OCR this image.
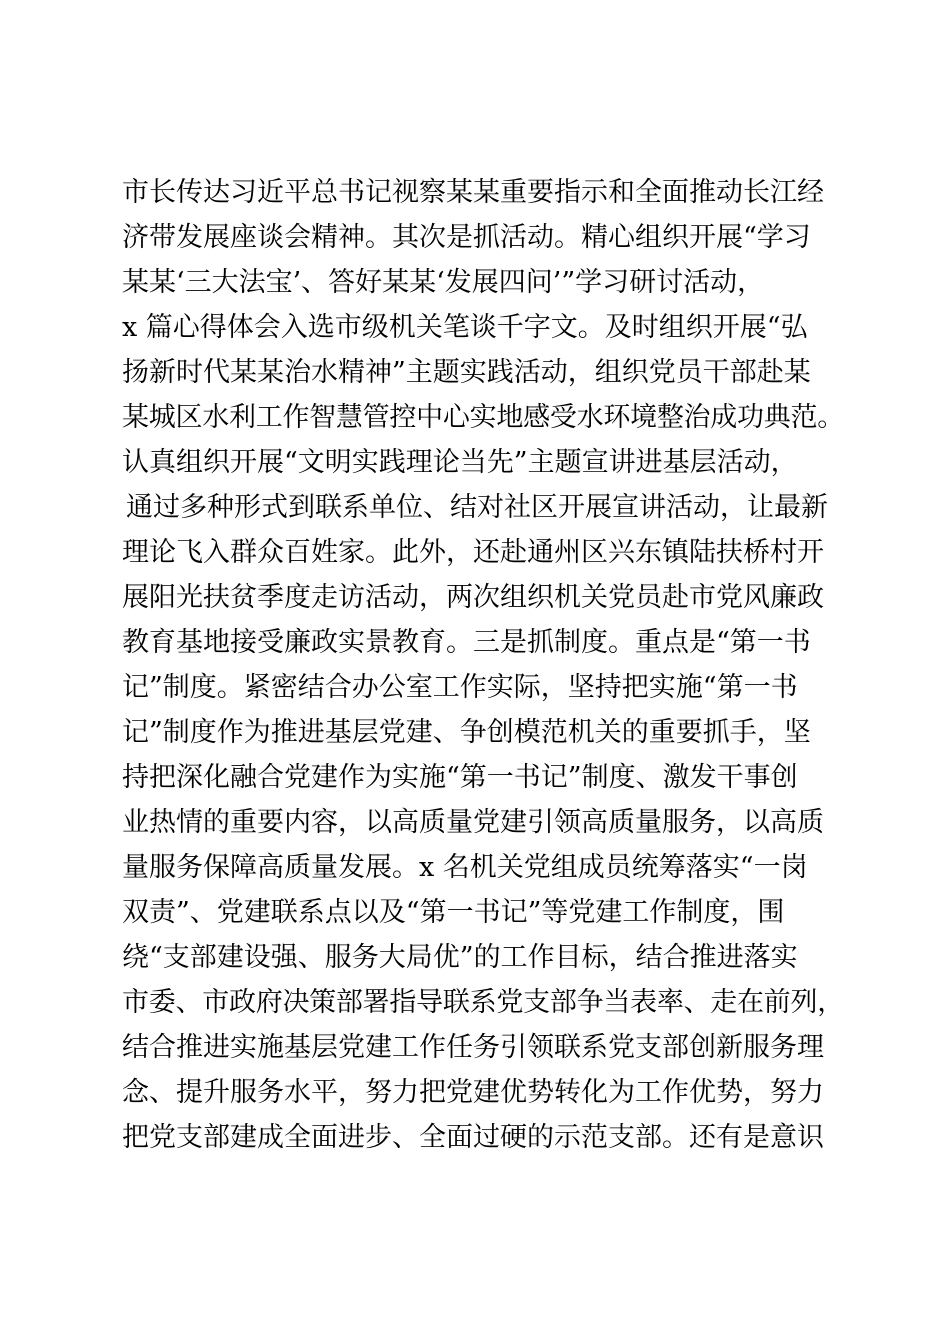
市长传达习近平总书记视察某某重要指示和全面推动长江经
济带发展座谈会精神。其次是抓活动。精心组织开展“学习
某某‘三大法宝’、答好某某‘发展四问’”学习研讨活动，
x 篇心得体会入选市级机关笔谈千字文。及时组织开展“弘
扬新时代某某治水精神”主题实践活动，组织党员干部赴某
某城区水利工作智慧管控中心实地感受水环境整治成功典范。
认真组织开展“文明实践理论当先”主题宣讲进基层活动，
通过多种形式到联系单位、结对社区开展宣讲活动，让最新
理论飞入群众百姓家。此外，还赴通州区兴东镇陆扶桥村开
展阳光扶贫季度走访活动，两次组织机关党员赴市党风廉政
教育基地接受廉政实景教育。三是抓制度。重点是“第一书
记”制度。紧密结合办公室工作实际，坚持把实施“第一书
记”制度作为推进基层党建、争创模范机关的重要抓手，坚
持把深化融合党建作为实施“第一书记”制度、激发干事创
业热情的重要内容，以高质量党建引领高质量服务，以高质
量服务保障高质量发展。x 名机关党组成员统筹落实“一岗
双责”、党建联系点以及“第一书记”等党建工作制度，围
绕“支部建设强、服务大局优”的工作目标，结合推进落实
市委、市政府决策部署指导联系党支部争当表率、走在前列，
结合推进实施基层党建工作任务引领联系党支部创新服务理
念、提升服务水平，努力把党建优势转化为工作优势，努力
把党支部建成全面进步、全面过硬的示范支部。还有是意识
